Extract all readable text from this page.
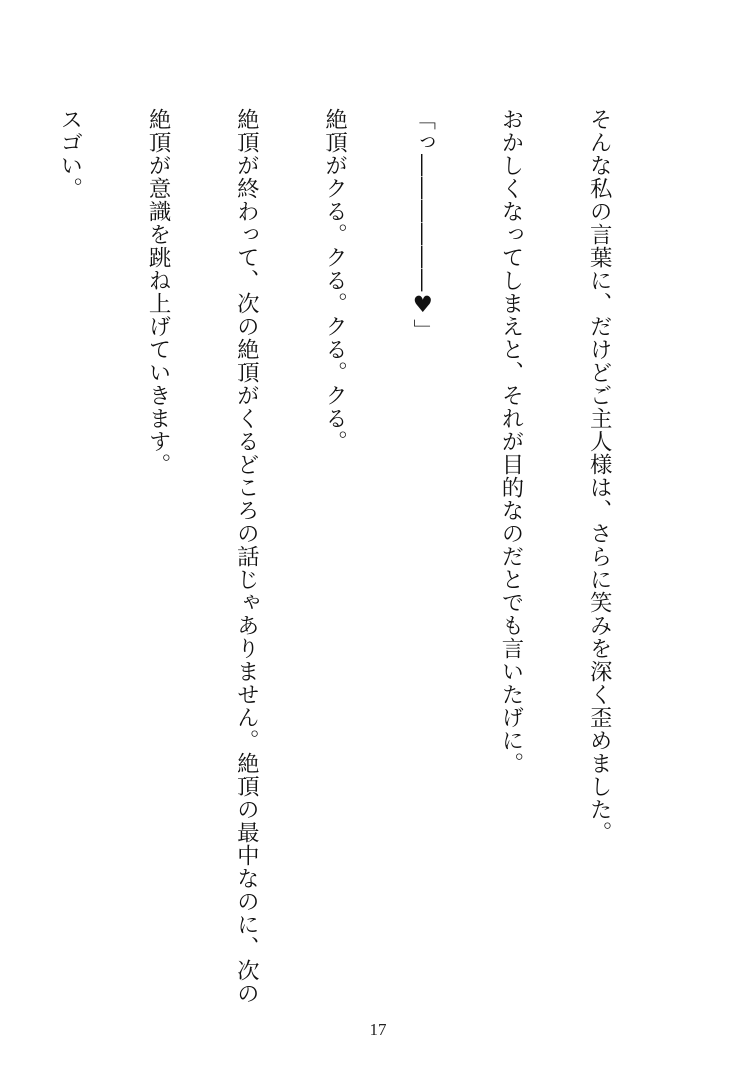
そんな私の言葉に、だけどご主人様は、さらに笑みを深く歪めました。

おかしくなってしまえと、それが目的なのだとでも言いたげに。

「っ――――――♥」

絶頂がクる。クる。クる。クる。

絶頂が終わって、次の絶頂がくるどころの話じゃありません。絶頂の最中なのに、次の

絶頂が意識を跳ね上げていきます。

スゴい。

17
